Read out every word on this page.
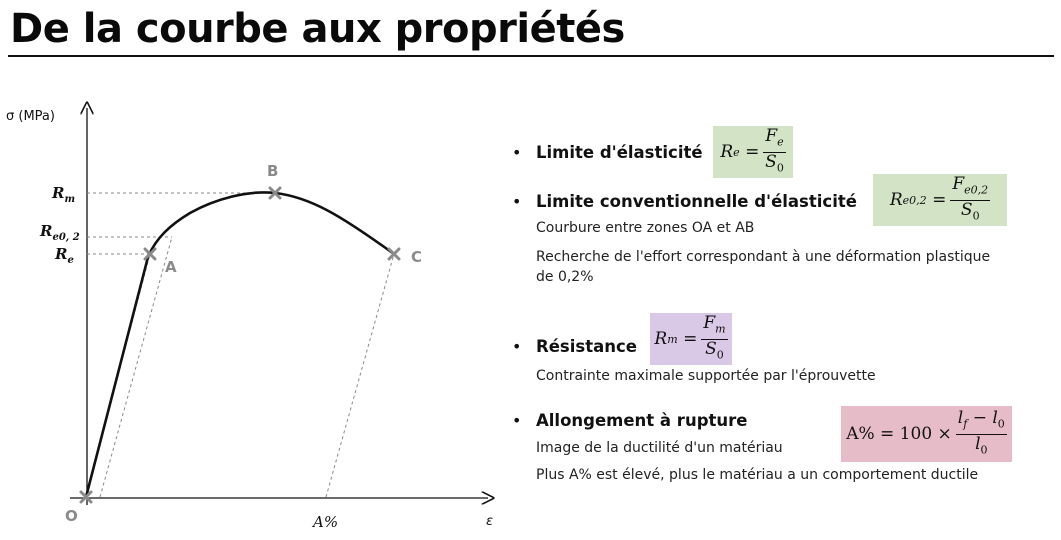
De la courbe aux propriétés
O
A
B
C
σ (MPa)
ε
$R_m$
$R_{e0, 2}$
$R_e$
A%
• Limite d'élasticité R $e = \frac{F_e}{S_0}$
• Limite conventionnelle d'élasticité R $e0,2 = \frac{F_{e0,2}}{S_0}$
Courbure entre zones OA et AB
Recherche de l'effort correspondant à une déformation plastique
de 0,2%
• Résistance R $m = \frac{F_m}{S_0}$
Contrainte maximale supportée par l'éprouvette
• Allongement à rupture
$A\% = 100 \times \frac{l_f - l_0}{l_0}$
Image de la ductilité d'un matériau
Plus A% est élevé, plus le matériau a un comportement ductile
